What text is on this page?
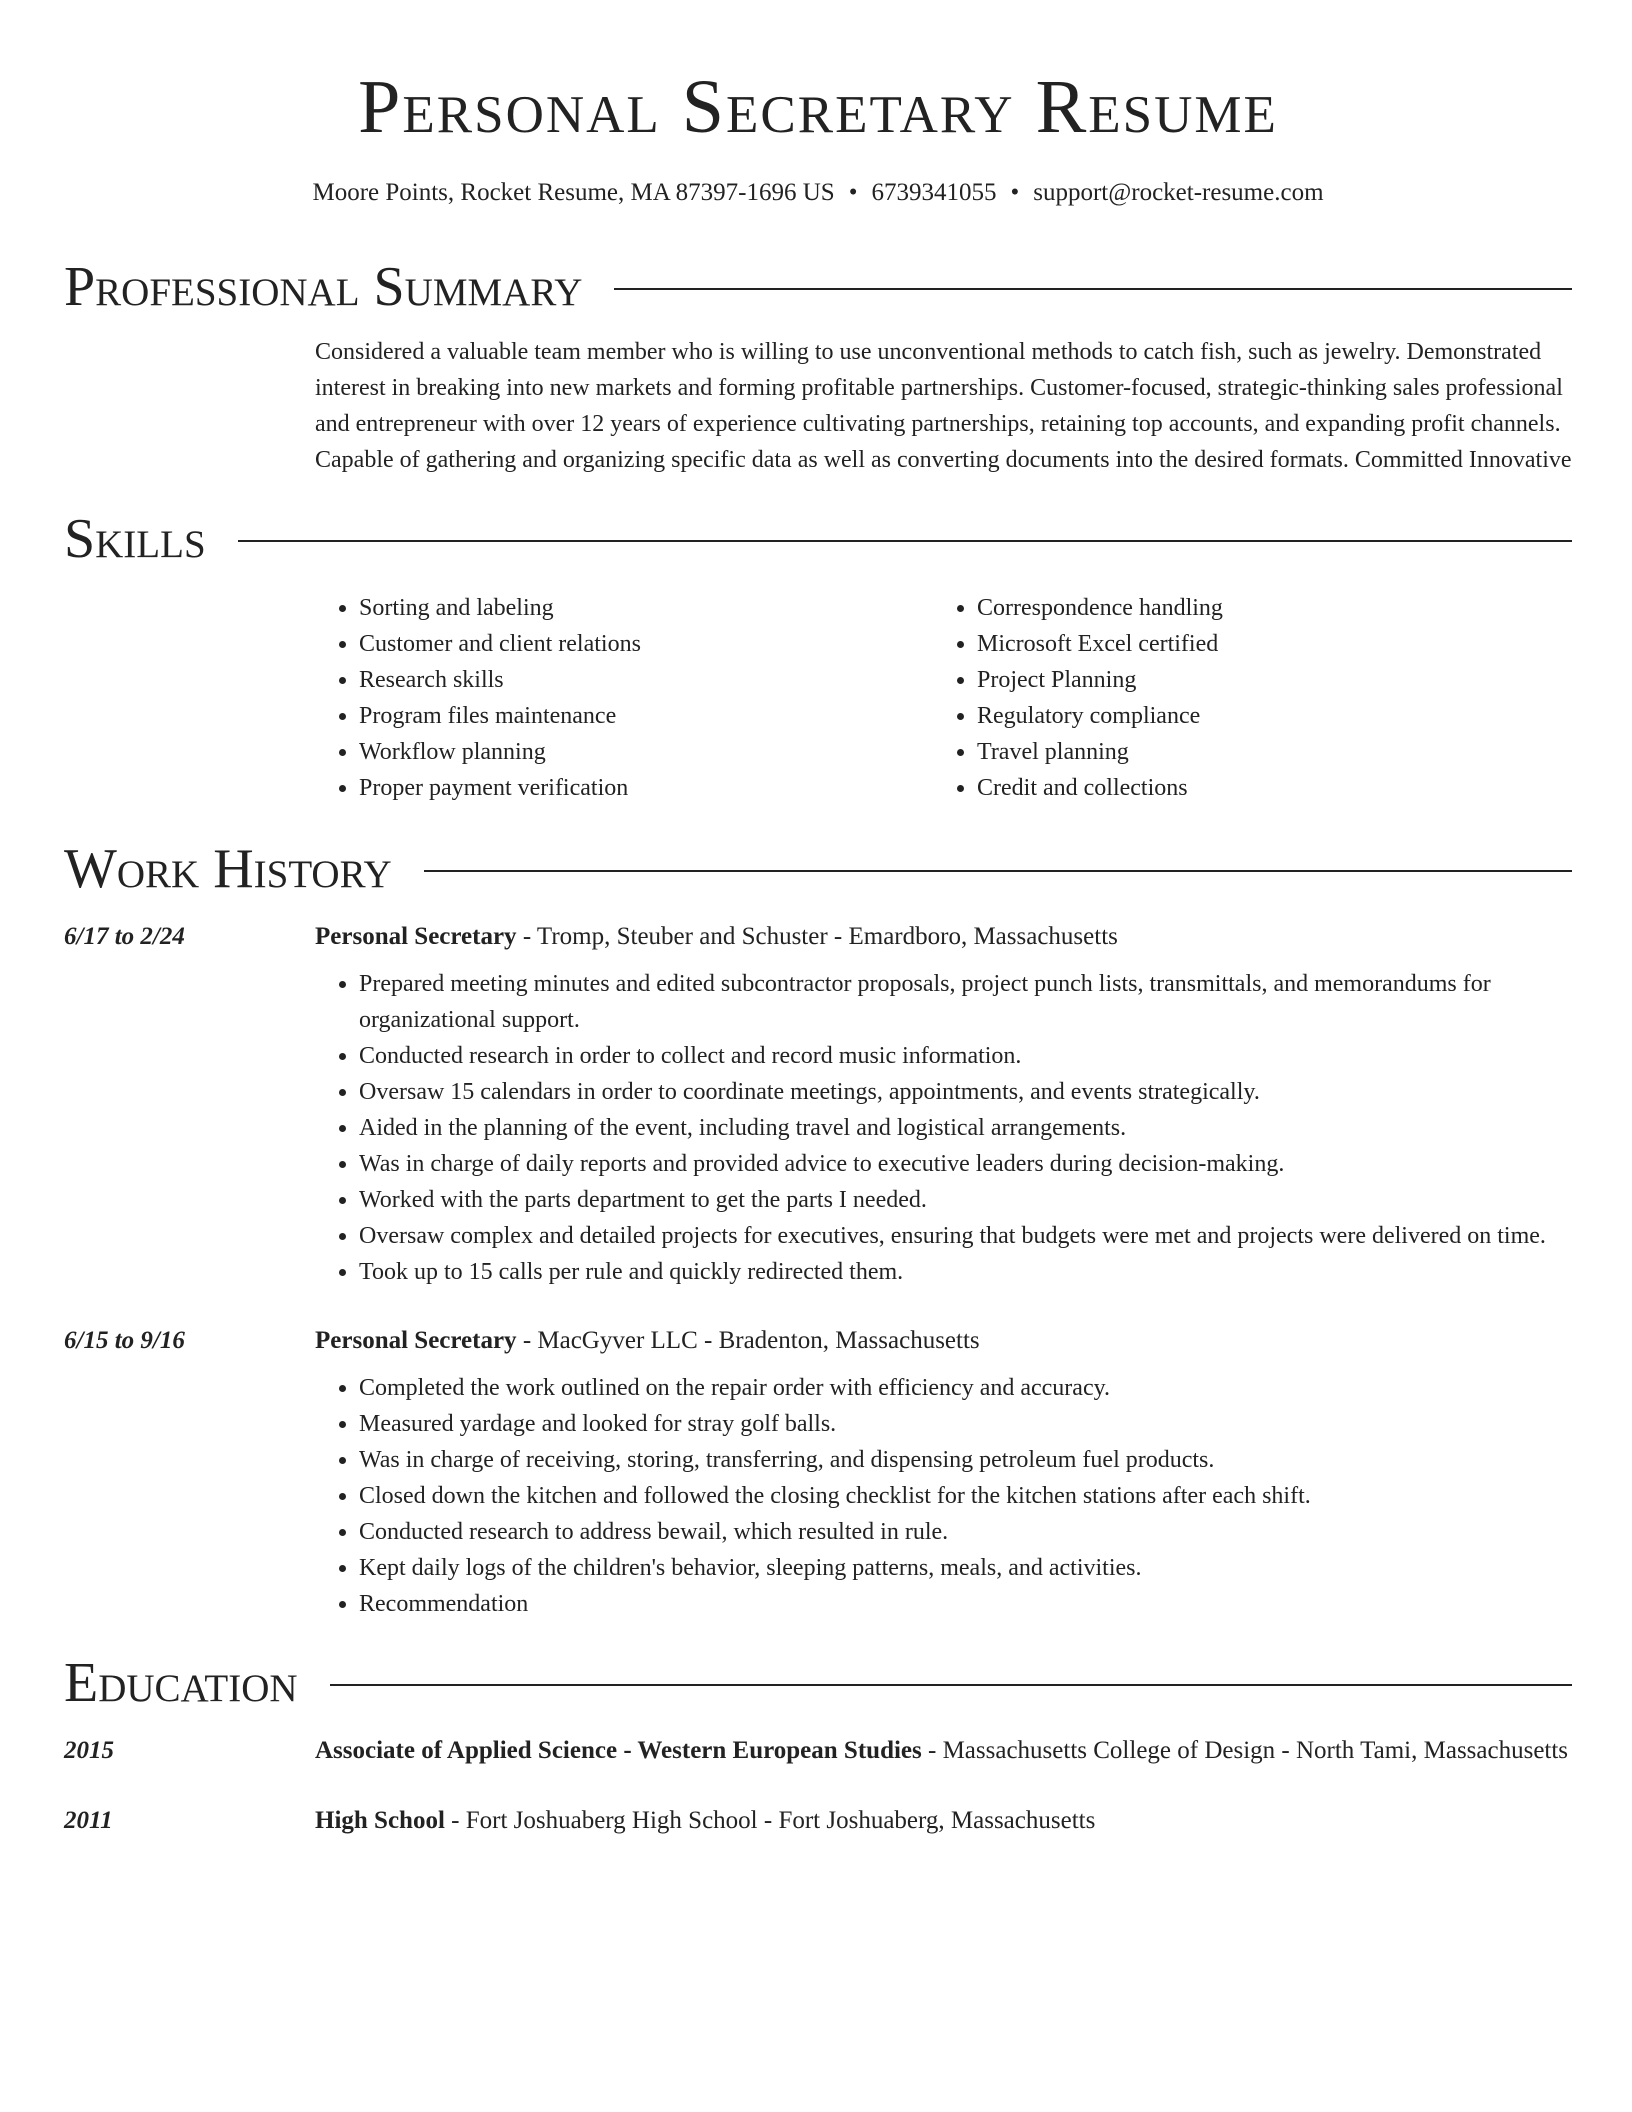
Personal Secretary Resume
Moore Points, Rocket Resume, MA 87397-1696 US • 6739341055 • support@rocket-resume.com
Professional Summary
Considered a valuable team member who is willing to use unconventional methods to catch fish, such as jewelry. Demonstrated interest in breaking into new markets and forming profitable partnerships. Customer-focused, strategic-thinking sales professional and entrepreneur with over 12 years of experience cultivating partnerships, retaining top accounts, and expanding profit channels. Capable of gathering and organizing specific data as well as converting documents into the desired formats. Committed Innovative
Skills
• Sorting and labeling
• Customer and client relations
• Research skills
• Program files maintenance
• Workflow planning
• Proper payment verification
• Correspondence handling
• Microsoft Excel certified
• Project Planning
• Regulatory compliance
• Travel planning
• Credit and collections
Work History
6/17 to 2/24	Personal Secretary - Tromp, Steuber and Schuster - Emardboro, Massachusetts
• Prepared meeting minutes and edited subcontractor proposals, project punch lists, transmittals, and memorandums for organizational support.
• Conducted research in order to collect and record music information.
• Oversaw 15 calendars in order to coordinate meetings, appointments, and events strategically.
• Aided in the planning of the event, including travel and logistical arrangements.
• Was in charge of daily reports and provided advice to executive leaders during decision-making.
• Worked with the parts department to get the parts I needed.
• Oversaw complex and detailed projects for executives, ensuring that budgets were met and projects were delivered on time.
• Took up to 15 calls per rule and quickly redirected them.
6/15 to 9/16	Personal Secretary - MacGyver LLC - Bradenton, Massachusetts
• Completed the work outlined on the repair order with efficiency and accuracy.
• Measured yardage and looked for stray golf balls.
• Was in charge of receiving, storing, transferring, and dispensing petroleum fuel products.
• Closed down the kitchen and followed the closing checklist for the kitchen stations after each shift.
• Conducted research to address bewail, which resulted in rule.
• Kept daily logs of the children's behavior, sleeping patterns, meals, and activities.
• Recommendation
Education
2015	Associate of Applied Science - Western European Studies - Massachusetts College of Design - North Tami, Massachusetts
2011	High School - Fort Joshuaberg High School - Fort Joshuaberg, Massachusetts
